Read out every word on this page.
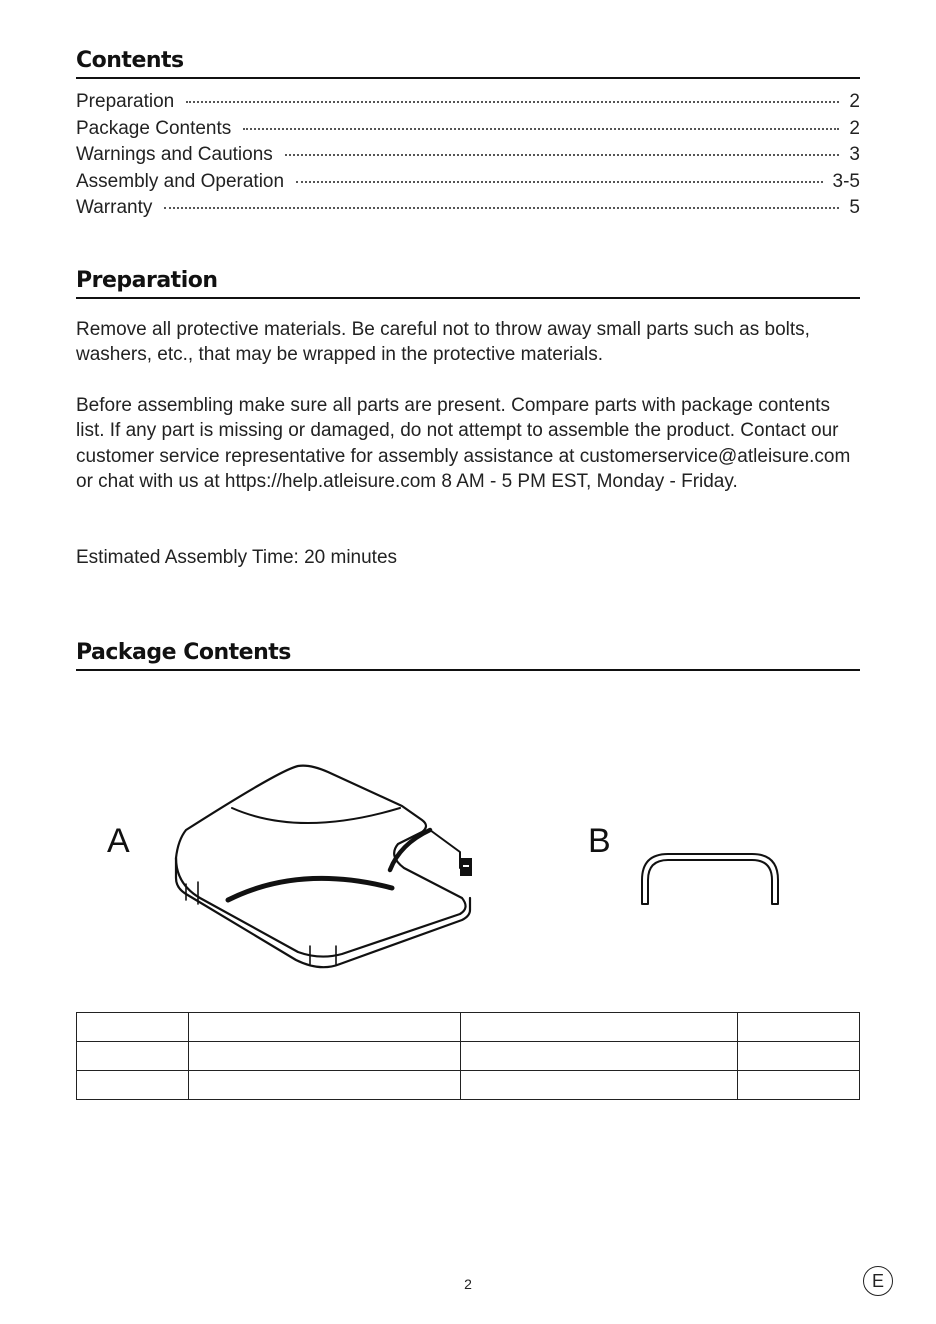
Contents
Preparation	2
Package Contents	2
Warnings and Cautions	3
Assembly and Operation	3-5
Warranty	5
Preparation

Remove all protective materials. Be careful not to throw away small parts such as bolts, washers, etc., that may be wrapped in the protective materials.

Before assembling make sure all parts are present. Compare parts with package contents list. If any part is missing or damaged, do not attempt to assemble the product. Contact our customer service representative for assembly assistance at customerservice@atleisure.com or chat with us at https://help.atleisure.com 8 AM - 5 PM EST, Monday - Friday.

Estimated Assembly Time: 20 minutes

Package Contents
A	B

2	E
